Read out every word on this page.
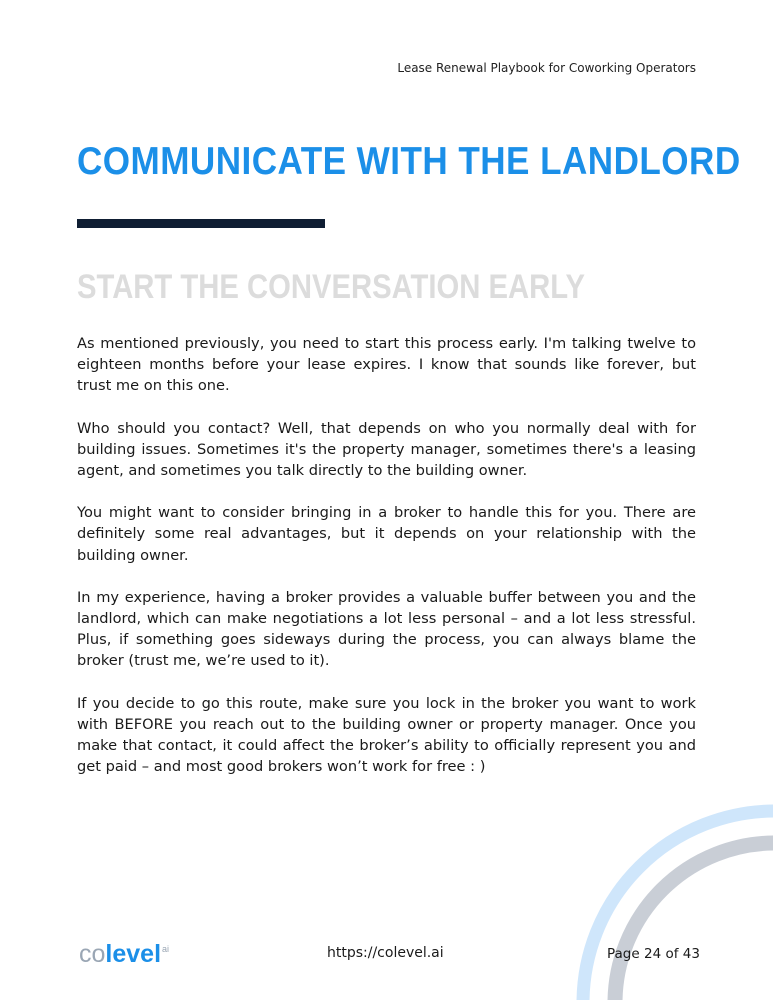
Lease Renewal Playbook for Coworking Operators
COMMUNICATE WITH THE LANDLORD
START THE CONVERSATION EARLY

As mentioned previously, you need to start this process early. I'm talking twelve to eighteen months before your lease expires. I know that sounds like forever, but trust me on this one.

Who should you contact? Well, that depends on who you normally deal with for building issues. Sometimes it's the property manager, sometimes there's a leasing agent, and sometimes you talk directly to the building owner.

You might want to consider bringing in a broker to handle this for you. There are definitely some real advantages, but it depends on your relationship with the building owner.

In my experience, having a broker provides a valuable buffer between you and the landlord, which can make negotiations a lot less personal – and a lot less stressful. Plus, if something goes sideways during the process, you can always blame the broker (trust me, we’re used to it).

If you decide to go this route, make sure you lock in the broker you want to work with BEFORE you reach out to the building owner or property manager. Once you make that contact, it could affect the broker’s ability to officially represent you and get paid – and most good brokers won’t work for free : )

colevel$^{ai}$	https://colevel.ai	Page 24 of 43
